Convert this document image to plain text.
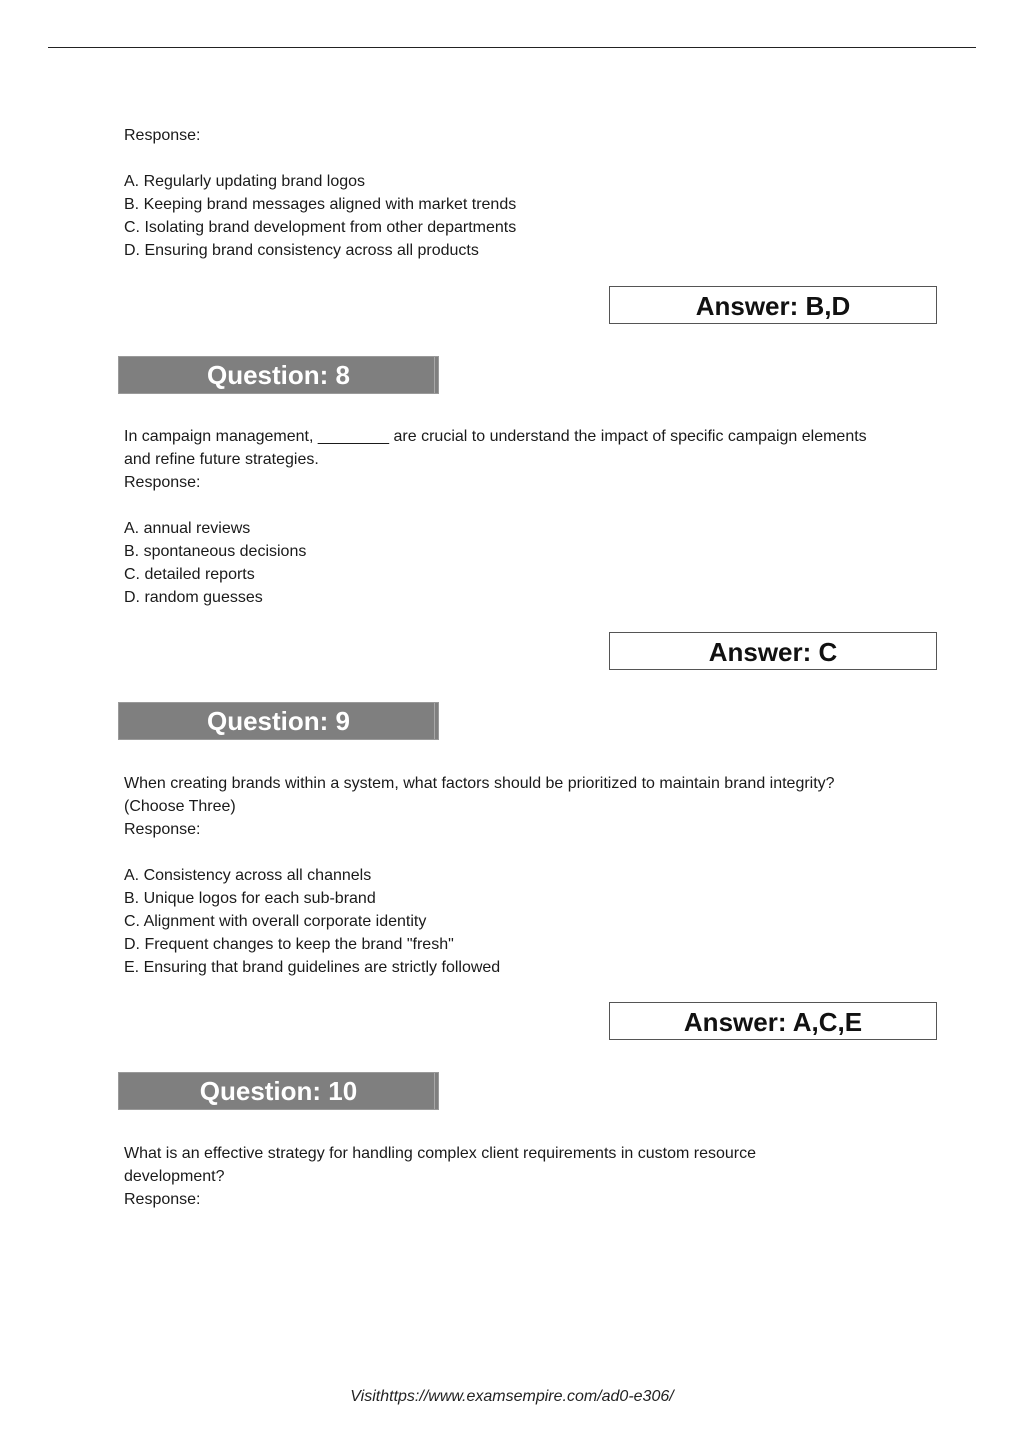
Response:

A. Regularly updating brand logos

B. Keeping brand messages aligned with market trends

C. Isolating brand development from other departments

D. Ensuring brand consistency across all products

Answer: B,D
Question: 8

In campaign management, ________ are crucial to understand the impact of specific campaign elements

and refine future strategies.

Response:

A. annual reviews

B. spontaneous decisions

C. detailed reports

D. random guesses

Answer: C
Question: 9

When creating brands within a system, what factors should be prioritized to maintain brand integrity?

(Choose Three)

Response:

A. Consistency across all channels

B. Unique logos for each sub-brand

C. Alignment with overall corporate identity

D. Frequent changes to keep the brand "fresh"

E. Ensuring that brand guidelines are strictly followed

Answer: A,C,E
Question: 10

What is an effective strategy for handling complex client requirements in custom resource

development?

Response:

Visithttps://www.examsempire.com/ad0-e306/
